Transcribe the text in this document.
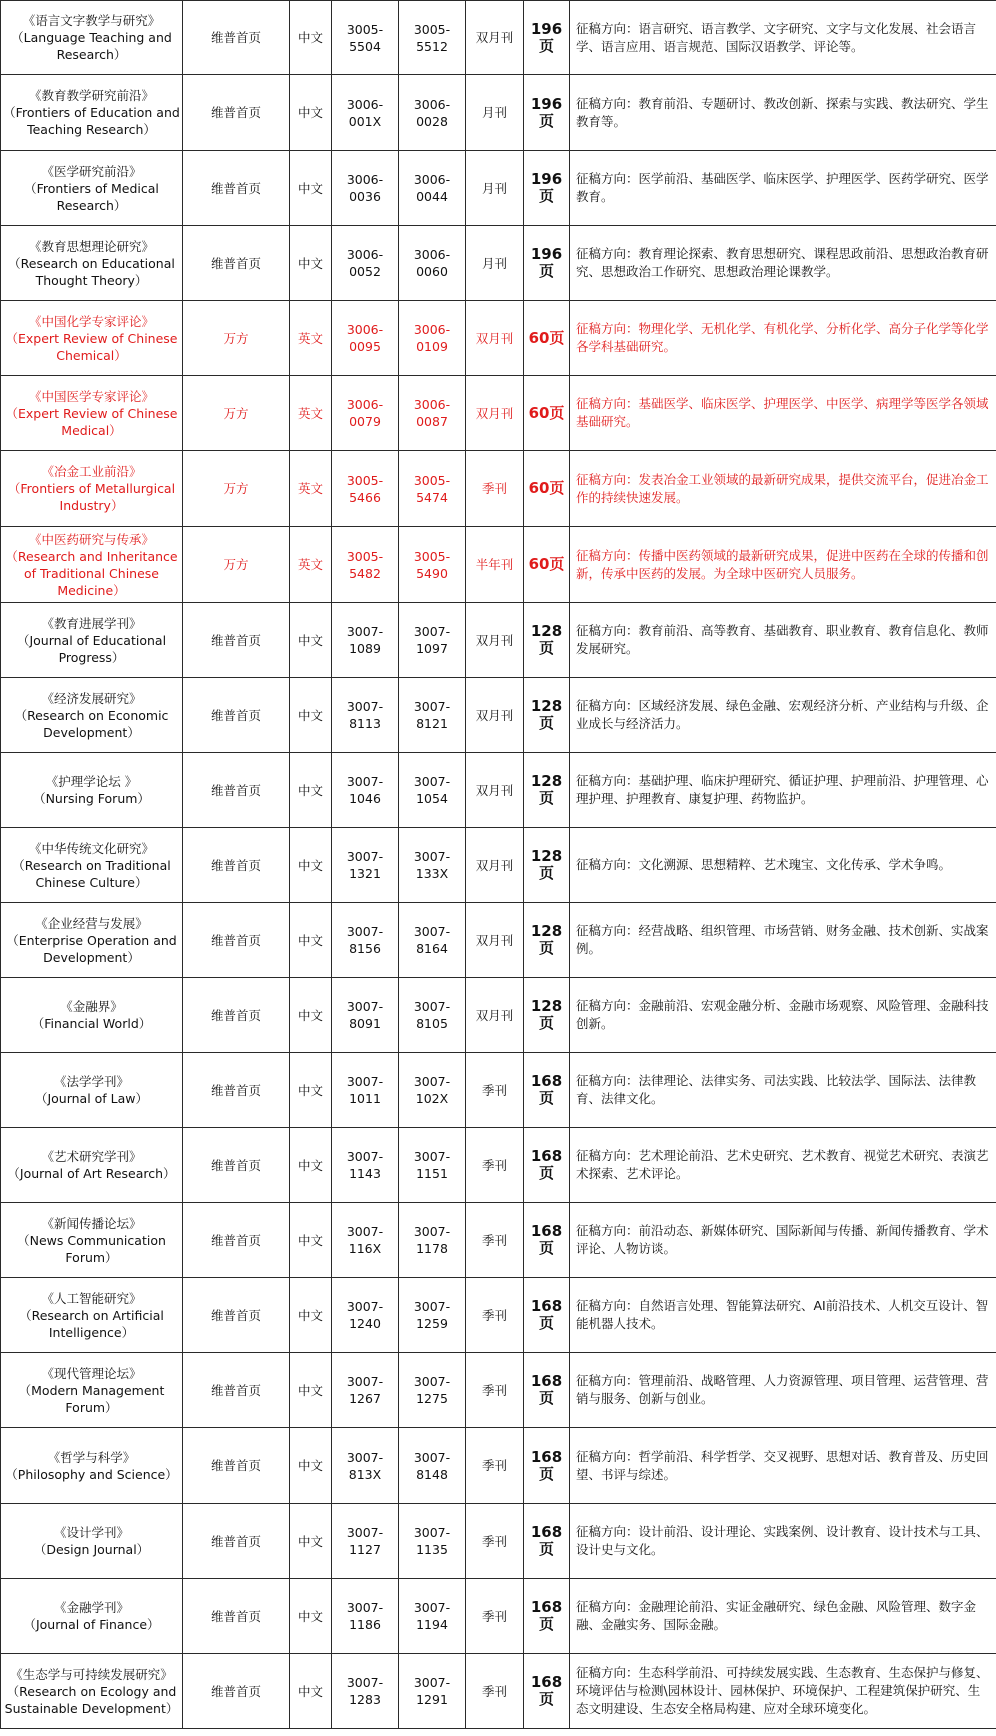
《语言文字教学与研究》
（Language Teaching and Research）	维普首页	中文	3005-5504	3005-5512	双月刊	196页	征稿方向：语言研究、语言教学、文字研究、文字与文化发展、社会语言学、语言应用、语言规范、国际汉语教学、评论等。

《教育教学研究前沿》
（Frontiers of Education and Teaching Research）	维普首页	中文	3006-001X	3006-0028	月刊	196页	征稿方向：教育前沿、专题研讨、教改创新、探索与实践、教法研究、学生教育等。

《医学研究前沿》
（Frontiers of Medical Research）	维普首页	中文	3006-0036	3006-0044	月刊	196页	征稿方向：医学前沿、基础医学、临床医学、护理医学、医药学研究、医学教育。

《教育思想理论研究》
（Research on Educational Thought Theory）	维普首页	中文	3006-0052	3006-0060	月刊	196页	征稿方向：教育理论探索、教育思想研究、课程思政前沿、思想政治教育研究、思想政治工作研究、思想政治理论课教学。

《中国化学专家评论》
（Expert Review of Chinese Chemical）	万方	英文	3006-0095	3006-0109	双月刊	60页	征稿方向：物理化学、无机化学、有机化学、分析化学、高分子化学等化学各学科基础研究。

《中国医学专家评论》
（Expert Review of Chinese Medical）	万方	英文	3006-0079	3006-0087	双月刊	60页	征稿方向：基础医学、临床医学、护理医学、中医学、病理学等医学各领域基础研究。

《冶金工业前沿》
（Frontiers of Metallurgical Industry）	万方	英文	3005-5466	3005-5474	季刊	60页	征稿方向：发表冶金工业领域的最新研究成果，提供交流平台，促进冶金工作的持续快速发展。

《中医药研究与传承》
（Research and Inheritance of Traditional Chinese Medicine）	万方	英文	3005-5482	3005-5490	半年刊	60页	征稿方向：传播中医药领域的最新研究成果，促进中医药在全球的传播和创新，传承中医药的发展。为全球中医研究人员服务。

《教育进展学刊》
（Journal of Educational Progress）	维普首页	中文	3007-1089	3007-1097	双月刊	128页	征稿方向：教育前沿、高等教育、基础教育、职业教育、教育信息化、教师发展研究。

《经济发展研究》
（Research on Economic Development）	维普首页	中文	3007-8113	3007-8121	双月刊	128页	征稿方向：区域经济发展、绿色金融、宏观经济分析、产业结构与升级、企业成长与经济活力。

《护理学论坛 》
（Nursing Forum）	维普首页	中文	3007-1046	3007-1054	双月刊	128页	征稿方向：基础护理、临床护理研究、循证护理、护理前沿、护理管理、心理护理、护理教育、康复护理、药物监护。

《中华传统文化研究》
（Research on Traditional Chinese Culture）	维普首页	中文	3007-1321	3007-133X	双月刊	128页	征稿方向：文化溯源、思想精粹、艺术瑰宝、文化传承、学术争鸣。

《企业经营与发展》
（Enterprise Operation and Development）	维普首页	中文	3007-8156	3007-8164	双月刊	128页	征稿方向：经营战略、组织管理、市场营销、财务金融、技术创新、实战案例。

《金融界》
（Financial World）	维普首页	中文	3007-8091	3007-8105	双月刊	128页	征稿方向：金融前沿、宏观金融分析、金融市场观察、风险管理、金融科技创新。

《法学学刊》
（Journal of Law）	维普首页	中文	3007-1011	3007-102X	季刊	168页	征稿方向：法律理论、法律实务、司法实践、比较法学、国际法、法律教育、法律文化。

《艺术研究学刊》
（Journal of Art Research）	维普首页	中文	3007-1143	3007-1151	季刊	168页	征稿方向：艺术理论前沿、艺术史研究、艺术教育、视觉艺术研究、表演艺术探索、艺术评论。

《新闻传播论坛》
（News Communication Forum）	维普首页	中文	3007-116X	3007-1178	季刊	168页	征稿方向：前沿动态、新媒体研究、国际新闻与传播、新闻传播教育、学术评论、人物访谈。

《人工智能研究》
（Research on Artificial Intelligence）	维普首页	中文	3007-1240	3007-1259	季刊	168页	征稿方向：自然语言处理、智能算法研究、AI前沿技术、人机交互设计、智能机器人技术。

《现代管理论坛》
（Modern Management Forum）	维普首页	中文	3007-1267	3007-1275	季刊	168页	征稿方向：管理前沿、战略管理、人力资源管理、项目管理、运营管理、营销与服务、创新与创业。

《哲学与科学》
（Philosophy and Science）	维普首页	中文	3007-813X	3007-8148	季刊	168页	征稿方向：哲学前沿、科学哲学、交叉视野、思想对话、教育普及、历史回望、书评与综述。

《设计学刊》
（Design Journal）	维普首页	中文	3007-1127	3007-1135	季刊	168页	征稿方向：设计前沿、设计理论、实践案例、设计教育、设计技术与工具、设计史与文化。

《金融学刊》
（Journal of Finance）	维普首页	中文	3007-1186	3007-1194	季刊	168页	征稿方向：金融理论前沿、实证金融研究、绿色金融、风险管理、数字金融、金融实务、国际金融。

《生态学与可持续发展研究》
（Research on Ecology and Sustainable Development）	维普首页	中文	3007-1283	3007-1291	季刊	168页	征稿方向：生态科学前沿、可持续发展实践、生态教育、生态保护与修复、环境评估与检测\园林设计、园林保护、环境保护、工程建筑保护研究、生态文明建设、生态安全格局构建、应对全球环境变化。
